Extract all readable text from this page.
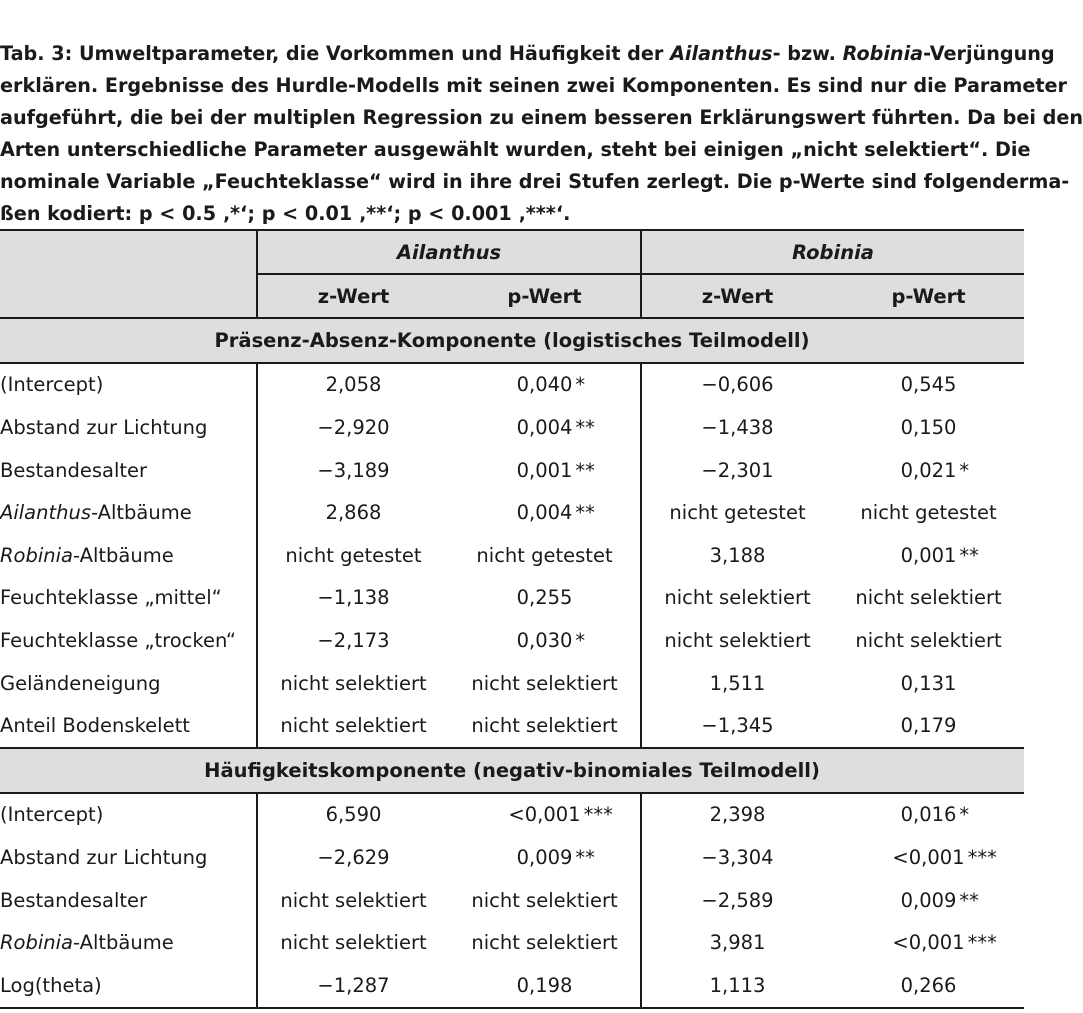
Tab. 3: Umweltparameter, die Vorkommen und Häufigkeit der Ailanthus- bzw. Robinia-Verjüngung
erklären. Ergebnisse des Hurdle-Modells mit seinen zwei Komponenten. Es sind nur die Parameter
aufgeführt, die bei der multiplen Regression zu einem besseren Erklärungswert führten. Da bei den
Arten unterschiedliche Parameter ausgewählt wurden, steht bei einigen „nicht selektiert“. Die
nominale Variable „Feuchteklasse“ wird in ihre drei Stufen zerlegt. Die p-Werte sind folgenderma-
ßen kodiert: p < 0.5 ‚*‘; p < 0.01 ‚**‘; p < 0.001 ‚***‘.
	Ailanthus		Robinia	
	z-Wert	p-Wert	z-Wert	p-Wert
Präsenz-Absenz-Komponente (logistisches Teilmodell)				
(Intercept)	2,058	0,040 *	−0,606	0,545
Abstand zur Lichtung	−2,920	0,004 **	−1,438	0,150
Bestandesalter	−3,189	0,001 **	−2,301	0,021 *

Ailanthus-Altbäume	2,868	0,004 **	nicht getestet	nicht getestet
Robinia-Altbäume	nicht getestet	nicht getestet	3,188	0,001 **

Feuchteklasse „mittel“	−1,138	0,255	nicht selektiert	nicht selektiert
Feuchteklasse „trocken“	−2,173	0,030 *	nicht selektiert	nicht selektiert
Geländeneigung	nicht selektiert	nicht selektiert	1,511	0,131
Anteil Bodenskelett	nicht selektiert	nicht selektiert	−1,345	0,179
Häufigkeitskomponente (negativ-binomiales Teilmodell)				
(Intercept)	6,590	<0,001 ***	2,398	0,016 *

Abstand zur Lichtung	−2,629	0,009 **	−3,304	<0,001 ***

Bestandesalter	nicht selektiert	nicht selektiert	−2,589	0,009 **

Robinia-Altbäume	nicht selektiert	nicht selektiert	3,981	<0,001 ***

Log(theta)	−1,287	0,198	1,113	0,266
